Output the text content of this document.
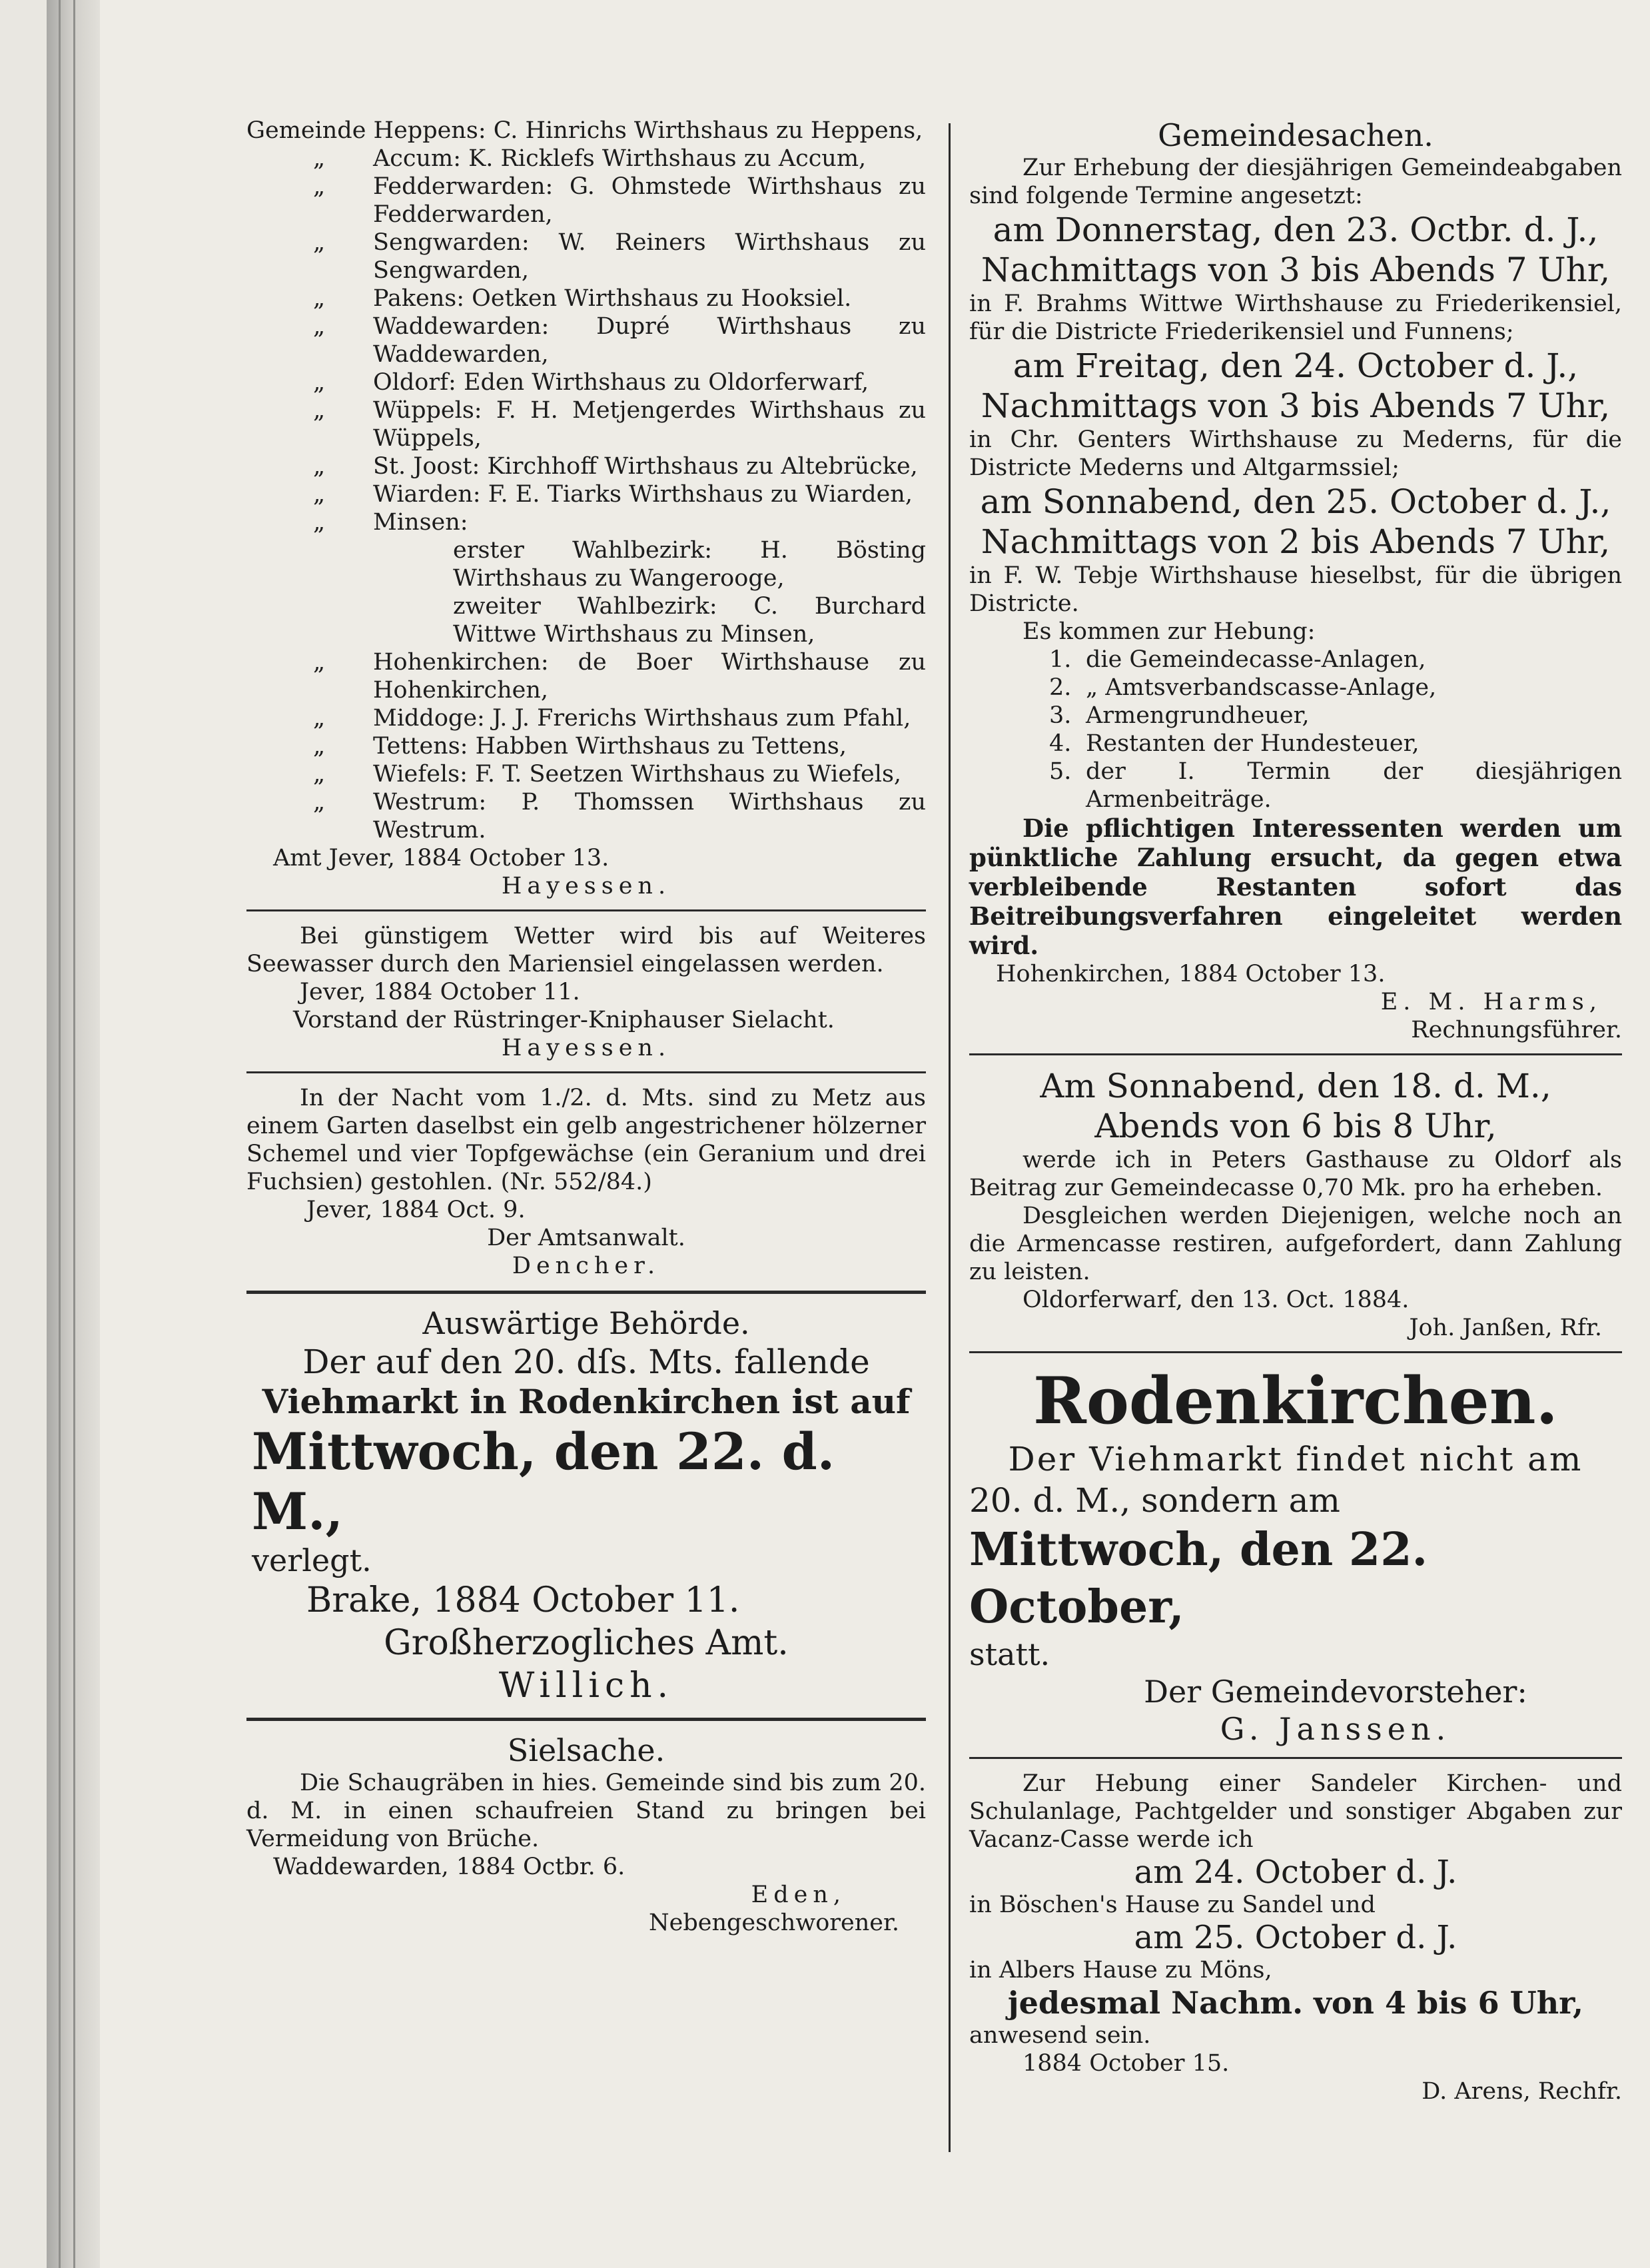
Gemeinde Heppens: C. Hinrichs Wirthshaus zu Heppens,
„	Accum: K. Ricklefs Wirthshaus zu Accum,
„	Fedderwarden: G. Ohmstede Wirthshaus zu Fedderwarden,
„	Sengwarden: W. Reiners Wirthshaus zu Sengwarden,
„	Pakens: Oetken Wirthshaus zu Hooksiel.
„	Waddewarden: Dupré Wirthshaus zu Waddewarden,
„	Oldorf: Eden Wirthshaus zu Oldorferwarf,
„	Wüppels: F. H. Metjengerdes Wirthshaus zu Wüppels,
„	St. Joost: Kirchhoff Wirthshaus zu Altebrücke,
„	Wiarden: F. E. Tiarks Wirthshaus zu Wiarden,
„	Minsen:
erster Wahlbezirk: H. Bösting Wirthshaus zu Wangerooge,
zweiter Wahlbezirk: C. Burchard Wittwe Wirthshaus zu Minsen,
„	Hohenkirchen: de Boer Wirthshause zu Hohenkirchen,
„	Middoge: J. J. Frerichs Wirthshaus zum Pfahl,
„	Tettens: Habben Wirthshaus zu Tettens,
„	Wiefels: F. T. Seetzen Wirthshaus zu Wiefels,
„	Westrum: P. Thomssen Wirthshaus zu Westrum.

Amt Jever, 1884 October 13.

Hayessen.

Bei günstigem Wetter wird bis auf Weiteres Seewasser durch den Mariensiel eingelassen werden.

Jever, 1884 October 11.

Vorstand der Rüstringer-Kniphauser Sielacht.

Hayessen.

In der Nacht vom 1./2. d. Mts. sind zu Metz aus einem Garten daselbst ein gelb angestrichener hölzerner Schemel und vier Topfgewächse (ein Geranium und drei Fuchsien) gestohlen. (Nr. 552/84.)

Jever, 1884 Oct. 9.

Der Amtsanwalt.

Dencher.

Auswärtige Behörde.

Der auf den 20. dſs. Mts. fallende

Viehmarkt in Rodenkirchen ist auf

Mittwoch, den 22. d. M.,

verlegt.

Brake, 1884 October 11.

Großherzogliches Amt.

Willich.

Sielsache.

Die Schaugräben in hies. Gemeinde sind bis zum 20. d. M. in einen schaufreien Stand zu bringen bei Vermeidung von Brüche.

Waddewarden, 1884 Octbr. 6.

Eden,

Nebengeschworener.

Gemeindesachen.

Zur Erhebung der diesjährigen Gemeindeabgaben sind folgende Termine angesetzt:

am Donnerstag, den 23. Octbr. d. J.,

Nachmittags von 3 bis Abends 7 Uhr,

in F. Brahms Wittwe Wirthshause zu Friederikensiel, für die Districte Friederikensiel und Funnens;

am Freitag, den 24. October d. J.,

Nachmittags von 3 bis Abends 7 Uhr,

in Chr. Genters Wirthshause zu Mederns, für die Districte Mederns und Altgarmssiel;

am Sonnabend, den 25. October d. J.,

Nachmittags von 2 bis Abends 7 Uhr,

in F. W. Tebje Wirthshause hieselbst, für die übrigen Districte.

Es kommen zur Hebung:

1. die Gemeindecasse-Anlagen,
2. „ Amtsverbandscasse-Anlage,
3. Armengrundheuer,
4. Restanten der Hundesteuer,
5. der I. Termin der diesjährigen Armenbeiträge.

Die pflichtigen Interessenten werden um pünktliche Zahlung ersucht, da gegen etwa verbleibende Restanten sofort das Beitreibungsverfahren eingeleitet werden wird.

Hohenkirchen, 1884 October 13.

E. M. Harms,

Rechnungsführer.

Am Sonnabend, den 18. d. M.,

Abends von 6 bis 8 Uhr,

werde ich in Peters Gasthause zu Oldorf als Beitrag zur Gemeindecasse 0,70 Mk. pro ha erheben.

Desgleichen werden Diejenigen, welche noch an die Armencasse restiren, aufgefordert, dann Zahlung zu leisten.

Oldorferwarf, den 13. Oct. 1884.

Joh. Janßen, Rfr.

Rodenkirchen.

Der Viehmarkt findet nicht am

20. d. M., sondern am

Mittwoch, den 22. October,

statt.

Der Gemeindevorsteher:

G. Janssen.

Zur Hebung einer Sandeler Kirchen- und Schulanlage, Pachtgelder und sonstiger Abgaben zur Vacanz-Casse werde ich

am 24. October d. J.

in Böschen's Hause zu Sandel und

am 25. October d. J.

in Albers Hause zu Möns,

jedesmal Nachm. von 4 bis 6 Uhr,

anwesend sein.

1884 October 15.

D. Arens, Rechfr.
